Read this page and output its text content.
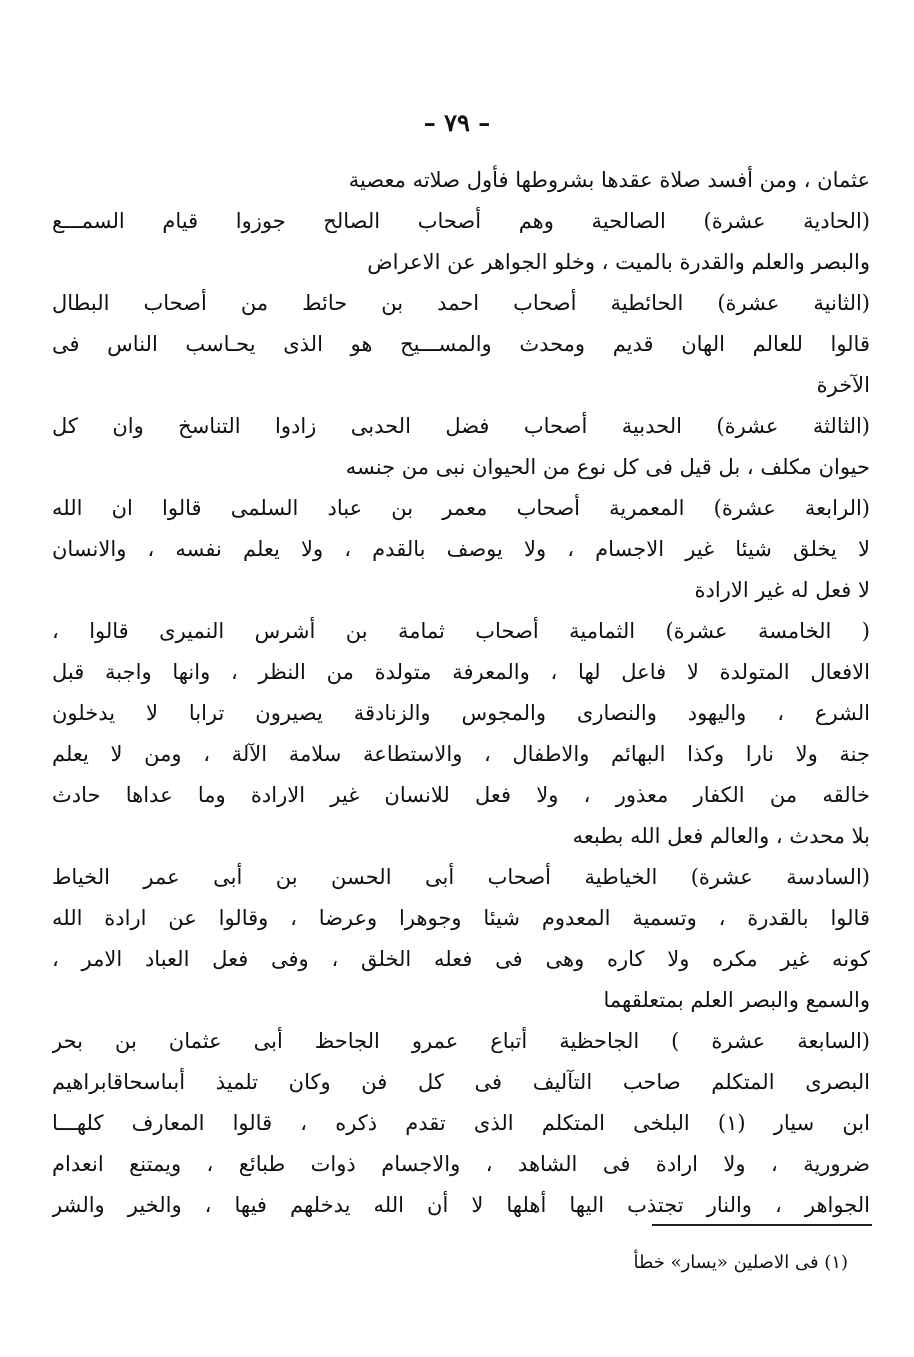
– ٧٩ –
عثمان ، ومن أفسد صلاة عقدها بشروطها فأول صلاته معصية
(الحادية عشرة) الصالحية وهم أصحاب الصالح جوزوا قيام السمـــع
والبصر والعلم والقدرة بالميت ، وخلو الجواهر عن الاعراض
(الثانية عشرة) الحائطية أصحاب احمد بن حائط من أصحاب البطال
قالوا للعالم الهان قديم ومحدث والمســـيح هو الذى يحـاسب الناس فى
الآخرة
(الثالثة عشرة) الحدبية أصحاب فضل الحدبى زادوا التناسخ وان كل
حيوان مكلف ، بل قيل فى كل نوع من الحيوان نبى من جنسه
(الرابعة عشرة) المعمرية أصحاب معمر بن عباد السلمى قالوا ان الله
لا يخلق شيئا غير الاجسام ، ولا يوصف بالقدم ، ولا يعلم نفسه ، والانسان
لا فعل له غير الارادة
( الخامسة عشرة) الثمامية أصحاب ثمامة بن أشرس النميرى قالوا ،
الافعال المتولدة لا فاعل لها ، والمعرفة متولدة من النظر ، وانها واجبة قبل
الشرع ، واليهود والنصارى والمجوس والزنادقة يصيرون ترابا لا يدخلون
جنة ولا نارا وكذا البهائم والاطفال ، والاستطاعة سلامة الآلة ، ومن لا يعلم
خالقه من الكفار معذور ، ولا فعل للانسان غير الارادة وما عداها حادث
بلا محدث ، والعالم فعل الله بطبعه
(السادسة عشرة) الخياطية أصحاب أبى الحسن بن أبى عمر الخياط
قالوا بالقدرة ، وتسمية المعدوم شيئا وجوهرا وعرضا ، وقالوا عن ارادة الله
كونه غير مكره ولا كاره وهى فى فعله الخلق ، وفى فعل العباد الامر ،
والسمع والبصر العلم بمتعلقهما
(السابعة عشرة ) الجاحظية أتباع عمرو الجاحظ أبى عثمان بن بحر
البصرى المتكلم صاحب التآليف فى كل فن وكان تلميذ أبىاسحاقابراهيم
ابن سيار (١) البلخى المتكلم الذى تقدم ذكره ، قالوا المعارف كلهـــا
ضرورية ، ولا ارادة فى الشاهد ، والاجسام ذوات طبائع ، ويمتنع انعدام
الجواهر ، والنار تجتذب اليها أهلها لا أن الله يدخلهم فيها ، والخير والشر
(١) فى الاصلين «يسار» خطأ
